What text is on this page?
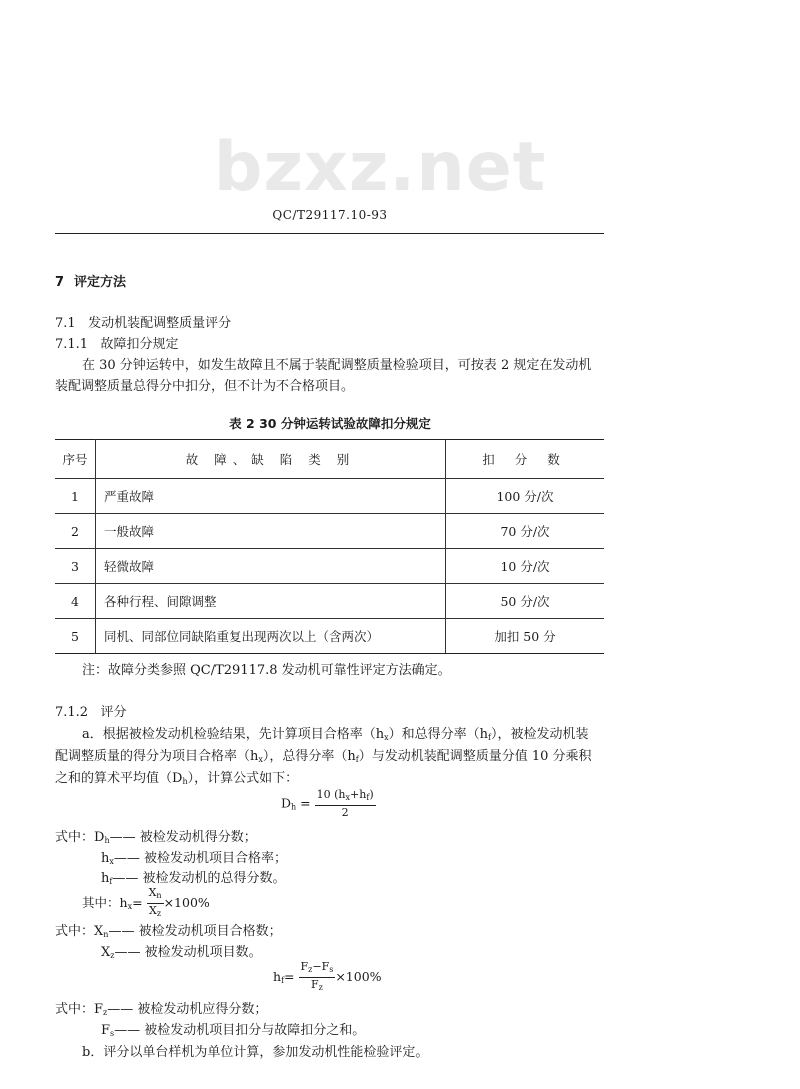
bzxz.net
QC/T29117.10-93
7 评定方法
7.1 发动机装配调整质量评分
7.1.1 故障扣分规定
在 30 分钟运转中，如发生故障且不属于装配调整质量检验项目，可按表 2 规定在发动机
装配调整质量总得分中扣分，但不计为不合格项目。
表 2 30 分钟运转试验故障扣分规定
序号	故 障、缺 陷 类 别	扣 分 数
1	严重故障	100 分/次
2	一般故障	70 分/次
3	轻微故障	10 分/次
4	各种行程、间隙调整	50 分/次
5	同机、同部位同缺陷重复出现两次以上（含两次）	加扣 50 分
注：故障分类参照 QC/T29117.8 发动机可靠性评定方法确定。
7.1.2 评分
a．根据被检发动机检验结果，先计算项目合格率$(h_x)$和总得分率$(h_f)$，被检发动机装
配调整质量的得分为项目合格率$(h_x)$，总得分率$(h_f)$与发动机装配调整质量分值 10 分乘积
之和的算术平均值$(D_h)$，计算公式如下：
$D_h = \frac{10 (h_x+h_f)}{2}$
式中：$D_h——$ 被检发动机得分数；
$h_x——$ 被检发动机项目合格率；
$h_f——$ 被检发动机的总得分数。
其中：$h_x= \frac{X_n}{X_z} \times 100\%$
式中：$X_n——$ 被检发动机项目合格数；
$X_z——$ 被检发动机项目数。
$h_f= \frac{F_z-F_s}{F_z} \times 100\%$
式中：$F_z——$ 被检发动机应得分数；
$F_s——$ 被检发动机项目扣分与故障扣分之和。
b．评分以单台样机为单位计算，参加发动机性能检验评定。
